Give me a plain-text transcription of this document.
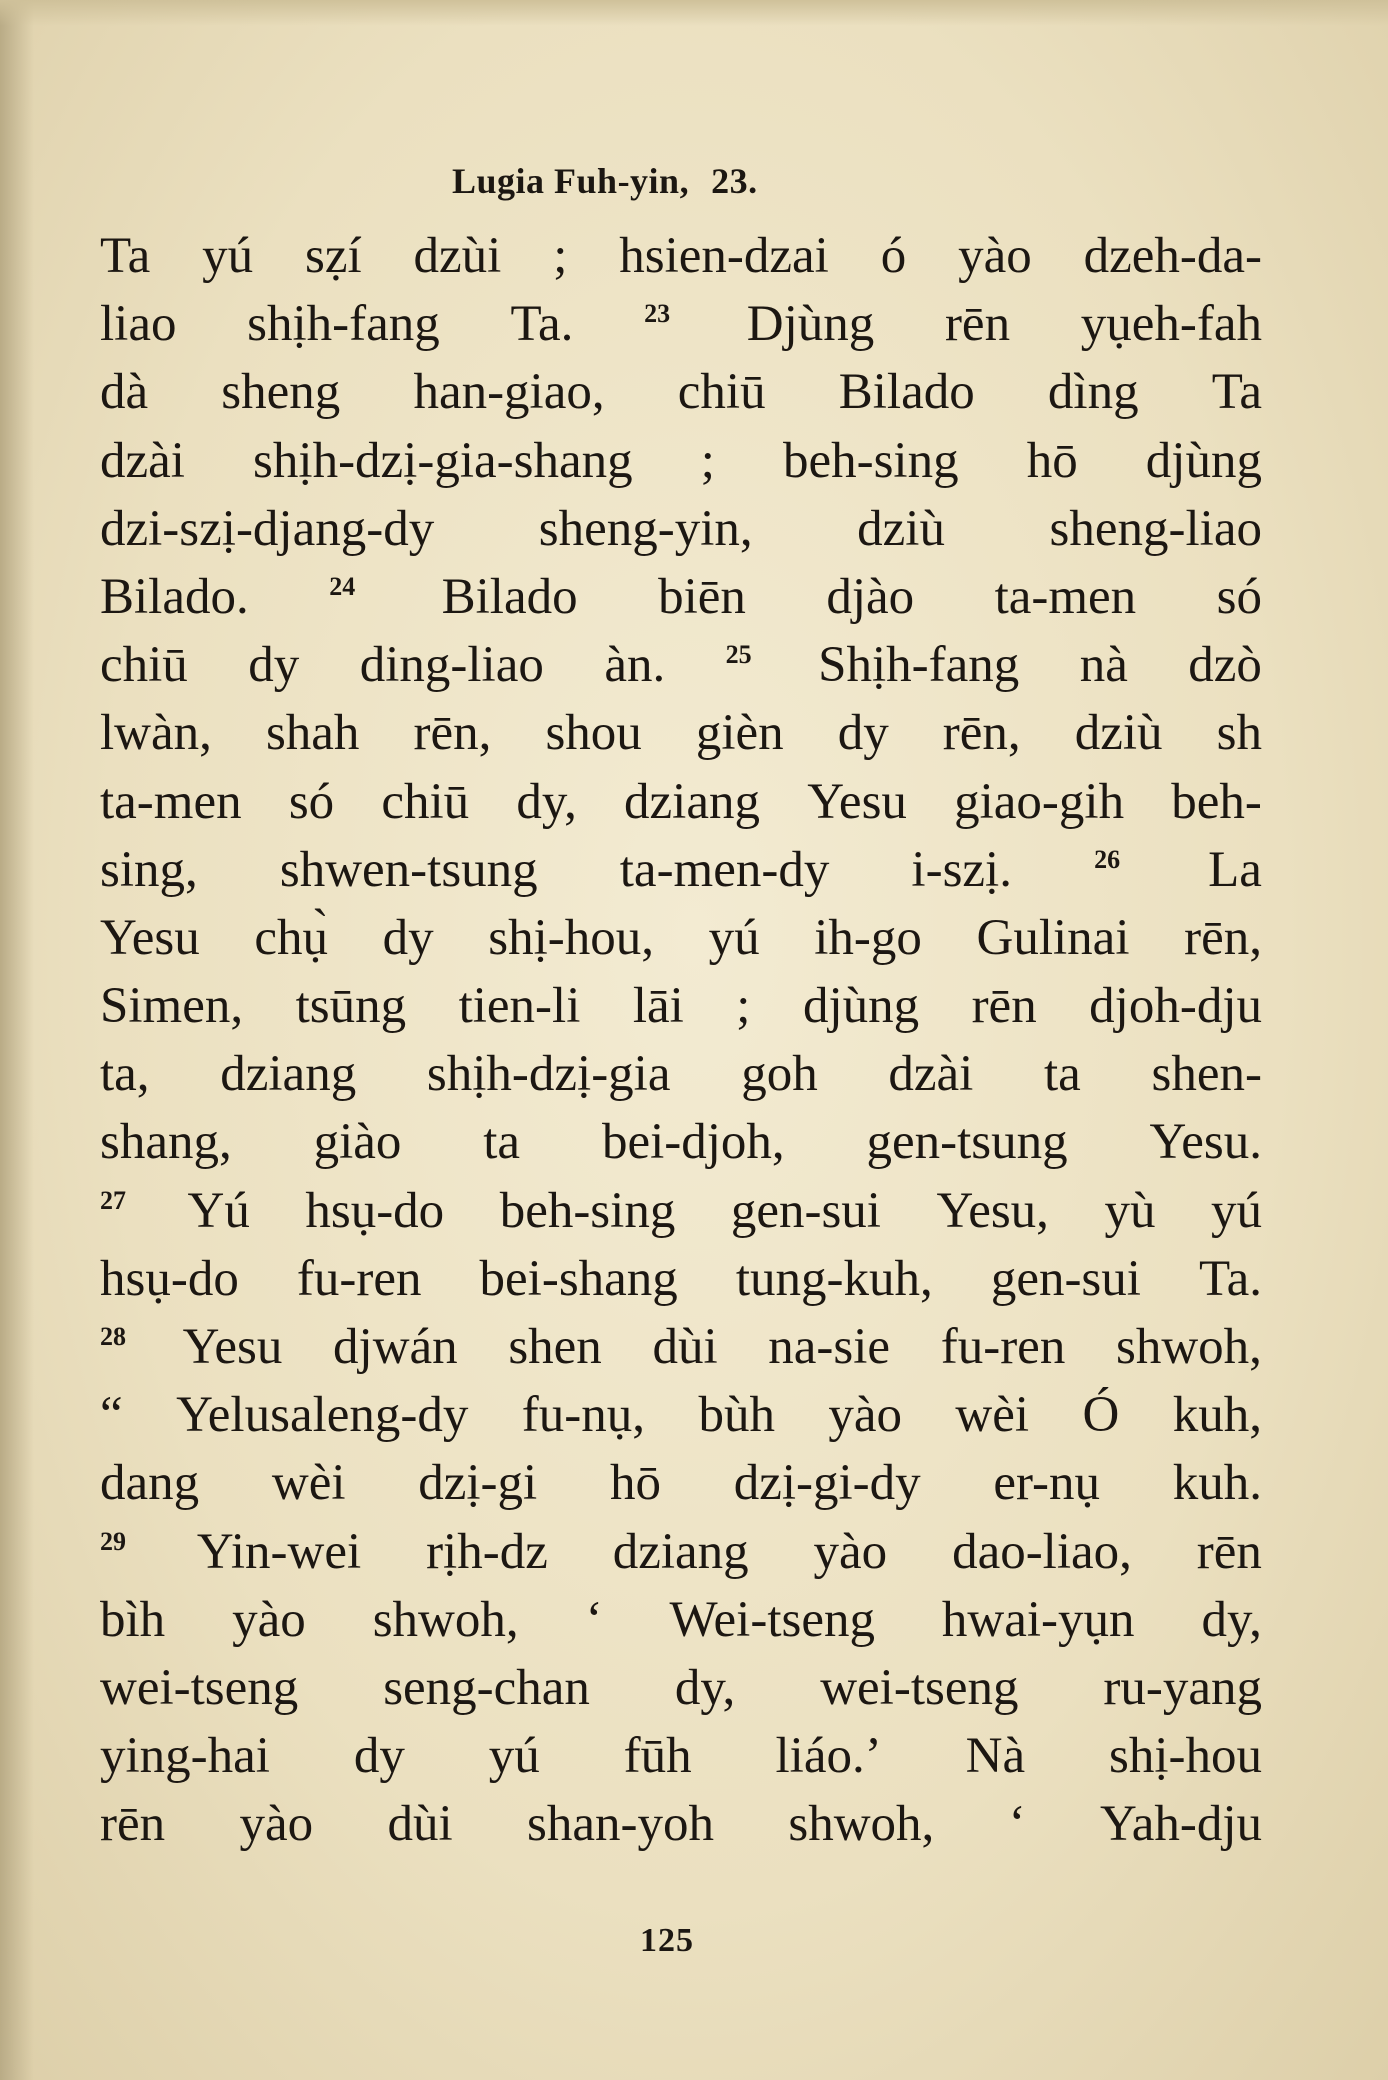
Lugia Fuh-yin, 23.
Ta yú sẓí dzùi ; hsien-dzai ó yào dzeh-da-
liao shịh-fang Ta.	23 Djùng rēn yụeh-fah
dà sheng han-giao, chiū Bilado dìng Ta
dzài shịh-dzị-gia-shang ; beh-sing hō djùng
dzi-szị-djang-dy sheng-yin, dziù sheng-liao
Bilado.	24 Bilado biēn djào ta-men só
chiū dy ding-liao àn. 25 Shịh-fang nà dzò
lwàn, shah rēn, shou gièn dy rēn, dziù sh
ta-men só chiū dy, dziang Yesu giao-gih beh-
sing, shwen-tsung ta-men-dy i-szị.	26 La
Yesu chụ̀ dy shị-hou, yú ih-go Gulinai rēn,
Simen, tsūng tien-li lāi ; djùng rēn djoh-dju
ta, dziang shịh-dzị-gia goh dzài ta shen-
shang, giào ta bei-djoh, gen-tsung Yesu.
27 Yú hsụ-do beh-sing gen-sui Yesu, yù yú
hsụ-do fu-ren bei-shang tung-kuh, gen-sui Ta.
28 Yesu djwán shen dùi na-sie fu-ren shwoh,
“ Yelusaleng-dy fu-nụ, bùh yào wèi Ó kuh,
dang wèi dzị-gi hō dzị-gi-dy er-nụ kuh.
29 Yin-wei rịh-dz dziang yào dao-liao, rēn
bìh yào shwoh, ‘ Wei-tseng hwai-yụn dy,
wei-tseng seng-chan dy, wei-tseng ru-yang
ying-hai dy yú fūh liáo.’ Nà shị-hou
rēn yào dùi shan-yoh shwoh, ‘ Yah-dju
125
